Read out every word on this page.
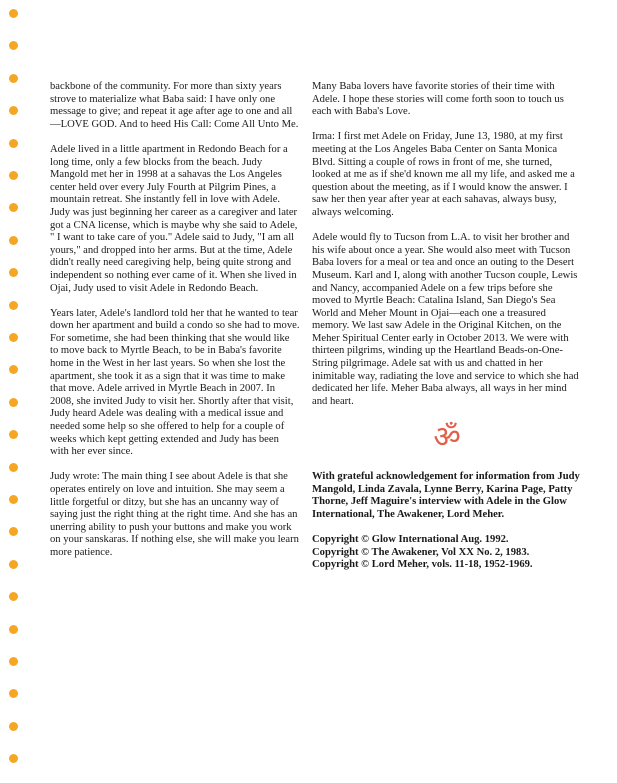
backbone of the community. For more than sixty years strove to materialize what Baba said: I have only one message to give; and repeat it age after age to one and all—LOVE GOD. And to heed His Call: Come All Unto Me.

Adele lived in a little apartment in Redondo Beach for a long time, only a few blocks from the beach. Judy Mangold met her in 1998 at a sahavas the Los Angeles center held over every July Fourth at Pilgrim Pines, a mountain retreat. She instantly fell in love with Adele. Judy was just beginning her career as a caregiver and later got a CNA license, which is maybe why she said to Adele, " I want to take care of you." Adele said to Judy, "I am all yours," and dropped into her arms. But at the time, Adele didn't really need caregiving help, being quite strong and independent so nothing ever came of it. When she lived in Ojai, Judy used to visit Adele in Redondo Beach.

Years later, Adele's landlord told her that he wanted to tear down her apartment and build a condo so she had to move. For sometime, she had been thinking that she would like to move back to Myrtle Beach, to be in Baba's favorite home in the West in her last years. So when she lost the apartment, she took it as a sign that it was time to make that move. Adele arrived in Myrtle Beach in 2007. In 2008, she invited Judy to visit her. Shortly after that visit, Judy heard Adele was dealing with a medical issue and needed some help so she offered to help for a couple of weeks which kept getting extended and Judy has been with her ever since.

Judy wrote: The main thing I see about Adele is that she operates entirely on love and intuition. She may seem a little forgetful or ditzy, but she has an uncanny way of saying just the right thing at the right time. And she has an unerring ability to push your buttons and make you work on your sanskaras. If nothing else, she will make you learn more patience.

Many Baba lovers have favorite stories of their time with Adele. I hope these stories will come forth soon to touch us each with Baba's Love.

Irma: I first met Adele on Friday, June 13, 1980, at my first meeting at the Los Angeles Baba Center on Santa Monica Blvd. Sitting a couple of rows in front of me, she turned, looked at me as if she'd known me all my life, and asked me a question about the meeting, as if I would know the answer. I saw her then year after year at each sahavas, always busy, always welcoming.

Adele would fly to Tucson from L.A. to visit her brother and his wife about once a year. She would also meet with Tucson Baba lovers for a meal or tea and once an outing to the Desert Museum. Karl and I, along with another Tucson couple, Lewis and Nancy, accompanied Adele on a few trips before she moved to Myrtle Beach: Catalina Island, San Diego's Sea World and Meher Mount in Ojai—each one a treasured memory. We last saw Adele in the Original Kitchen, on the Meher Spiritual Center early in October 2013. We were with thirteen pilgrims, winding up the Heartland Beads-on-One-String pilgrimage. Adele sat with us and chatted in her inimitable way, radiating the love and service to which she had dedicated her life. Meher Baba always, all ways in her mind and heart.

ॐ

With grateful acknowledgement for information from Judy Mangold, Linda Zavala, Lynne Berry, Karina Page, Patty Thorne, Jeff Maguire's interview with Adele in the Glow International, The Awakener, Lord Meher.

Copyright © Glow International Aug. 1992.
Copyright © The Awakener, Vol XX No. 2, 1983.
Copyright © Lord Meher, vols. 11-18, 1952-1969.
